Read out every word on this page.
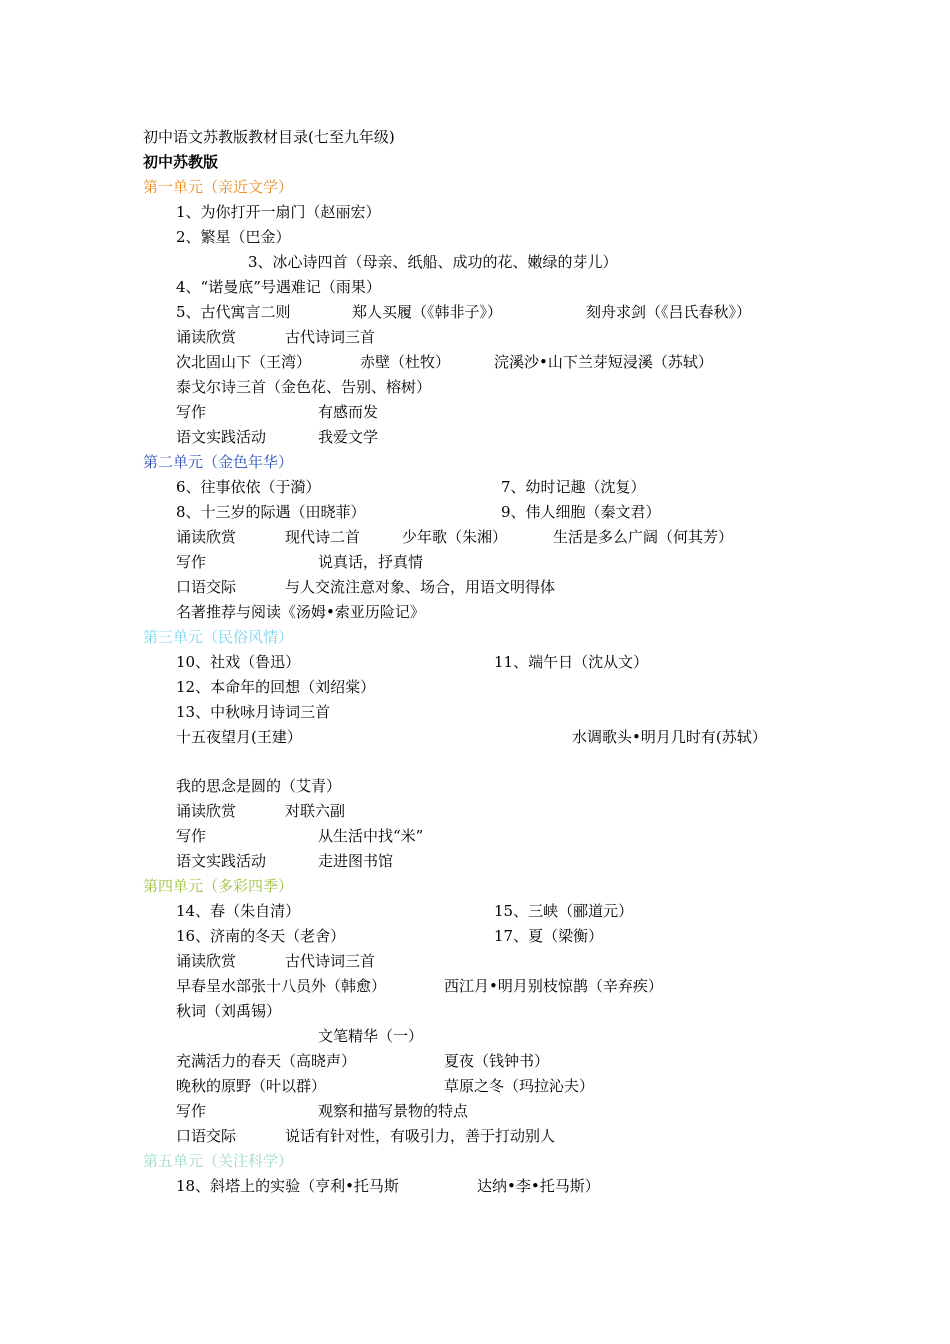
初中语文苏教版教材目录(七至九年级)
初中苏教版
第一单元（亲近文学）
1、为你打开一扇门（赵丽宏）
2、繁星（巴金）
3、冰心诗四首（母亲、纸船、成功的花、嫩绿的芽儿）
4、“诺曼底”号遇难记（雨果）
5、古代寓言二则	郑人买履（《韩非子》）	刻舟求剑（《吕氏春秋》）
诵读欣赏	古代诗词三首
次北固山下（王湾）	赤壁（杜牧）	浣溪沙•山下兰芽短浸溪（苏轼）
泰戈尔诗三首（金色花、告别、榕树）
写作	有感而发
语文实践活动	我爱文学
第二单元（金色年华）
6、往事依依（于漪）	7、幼时记趣（沈复）
8、十三岁的际遇（田晓菲）	9、伟人细胞（秦文君）
诵读欣赏	现代诗二首	少年歌（朱湘）	生活是多么广阔（何其芳）
写作	说真话，抒真情
口语交际	与人交流注意对象、场合，用语文明得体
名著推荐与阅读《汤姆•索亚历险记》
第三单元（民俗风情）
10、社戏（鲁迅）	11、端午日（沈从文）
12、本命年的回想（刘绍棠）
13、中秋咏月诗词三首
十五夜望月(王建）	水调歌头•明月几时有(苏轼）
我的思念是圆的（艾青）
诵读欣赏	对联六副
写作	从生活中找“米”
语文实践活动	走进图书馆
第四单元（多彩四季）
14、春（朱自清）	15、三峡（郦道元）
16、济南的冬天（老舍）	17、夏（梁衡）
诵读欣赏	古代诗词三首
早春呈水部张十八员外（韩愈）	西江月•明月别枝惊鹊（辛弃疾）
秋词（刘禹锡）
文笔精华（一）
充满活力的春天（高晓声）	夏夜（钱钟书）
晚秋的原野（叶以群）	草原之冬（玛拉沁夫）
写作	观察和描写景物的特点
口语交际	说话有针对性，有吸引力，善于打动别人
第五单元（关注科学）
18、斜塔上的实验（亨利•托马斯	达纳•李•托马斯）
